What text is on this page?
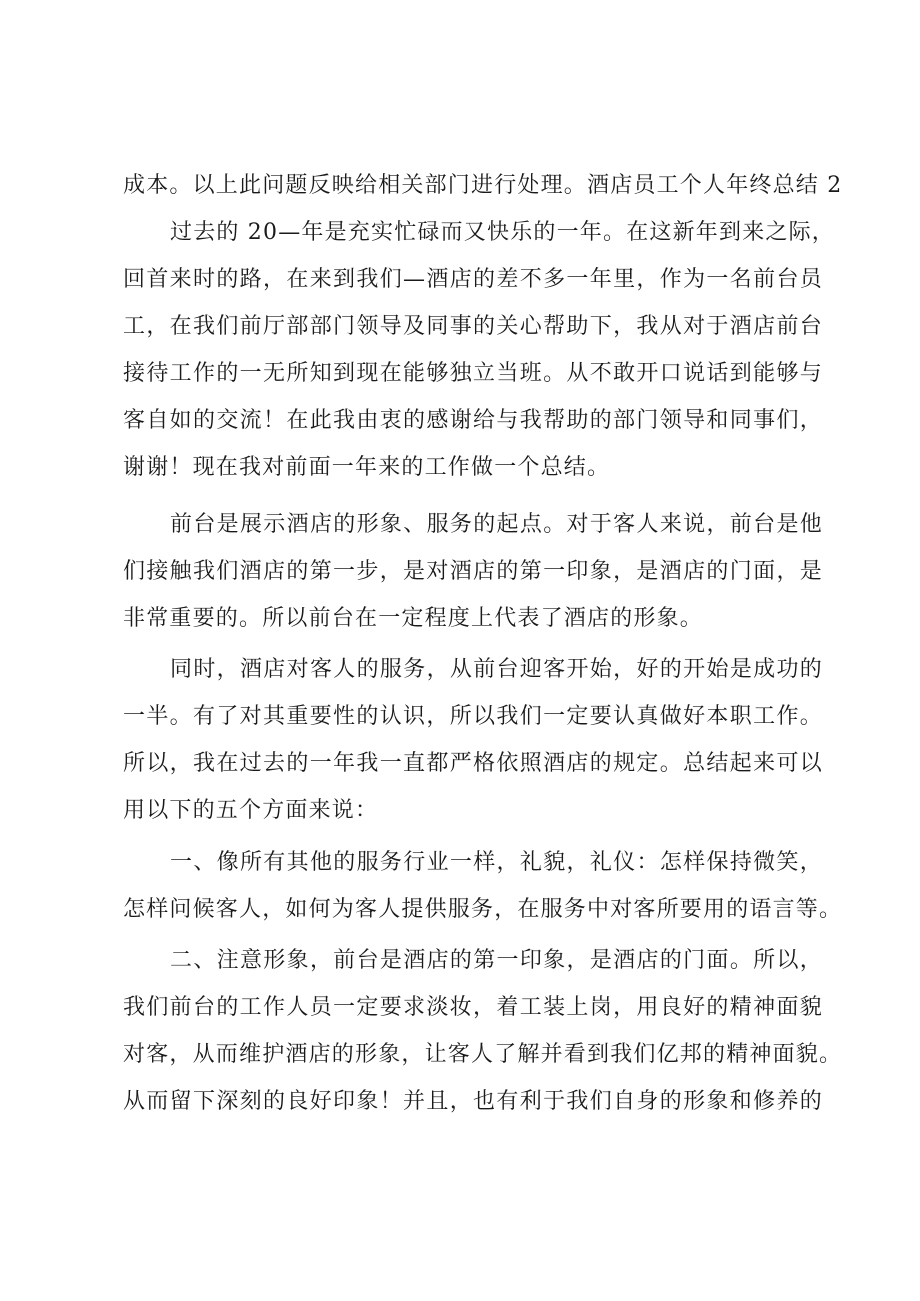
成本。以上此问题反映给相关部门进行处理。酒店员工个人年终总结 2
过去的 20—年是充实忙碌而又快乐的一年。在这新年到来之际，
回首来时的路，在来到我们—酒店的差不多一年里，作为一名前台员
工，在我们前厅部部门领导及同事的关心帮助下，我从对于酒店前台
接待工作的一无所知到现在能够独立当班。从不敢开口说话到能够与
客自如的交流！在此我由衷的感谢给与我帮助的部门领导和同事们，
谢谢！现在我对前面一年来的工作做一个总结。
前台是展示酒店的形象、服务的起点。对于客人来说，前台是他
们接触我们酒店的第一步，是对酒店的第一印象，是酒店的门面，是
非常重要的。所以前台在一定程度上代表了酒店的形象。
同时，酒店对客人的服务，从前台迎客开始，好的开始是成功的
一半。有了对其重要性的认识，所以我们一定要认真做好本职工作。
所以，我在过去的一年我一直都严格依照酒店的规定。总结起来可以
用以下的五个方面来说：
一、像所有其他的服务行业一样，礼貌，礼仪：怎样保持微笑，
怎样问候客人，如何为客人提供服务，在服务中对客所要用的语言等。
二、注意形象，前台是酒店的第一印象，是酒店的门面。所以，
我们前台的工作人员一定要求淡妆，着工装上岗，用良好的精神面貌
对客，从而维护酒店的形象，让客人了解并看到我们亿邦的精神面貌。
从而留下深刻的良好印象！并且，也有利于我们自身的形象和修养的
